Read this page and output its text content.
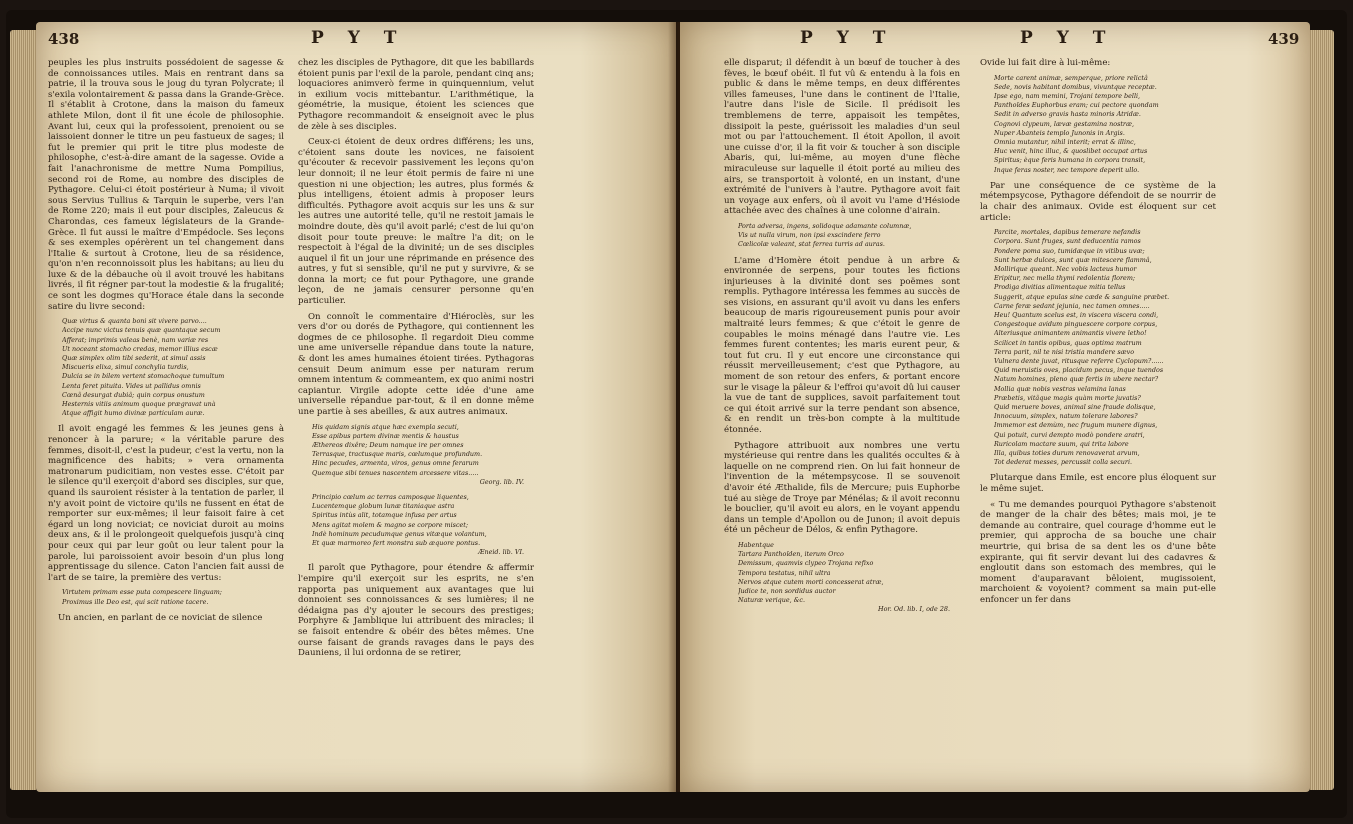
438	P Y T

peuples les plus instruits possédoient de sagesse & de connoissances utiles. Mais en rentrant dans sa patrie, il la trouva sous le joug du tyran Polycrate; il s'exila volontairement & passa dans la Grande-Grèce. Il s'établit à Crotone, dans la maison du fameux athlete Milon, dont il fit une école de philosophie. Avant lui, ceux qui la professoient, prenoient ou se laissoient donner le titre un peu fastueux de sages; il fut le premier qui prit le titre plus modeste de philosophe, c'est-à-dire amant de la sagesse. Ovide a fait l'anachronisme de mettre Numa Pompilius, second roi de Rome, au nombre des disciples de Pythagore. Celui-ci étoit postérieur à Numa; il vivoit sous Servius Tullius & Tarquin le superbe, vers l'an de Rome 220; mais il eut pour disciples, Zaleucus & Charondas, ces fameux législateurs de la Grande-Grèce. Il fut aussi le maître d'Empédocle. Ses leçons & ses exemples opérèrent un tel changement dans l'Italie & surtout à Crotone, lieu de sa résidence, qu'on n'en reconnoissoit plus les habitans; au lieu du luxe & de la débauche où il avoit trouvé les habitans livrés, il fit régner par-tout la modestie & la frugalité; ce sont les dogmes qu'Horace étale dans la seconde satire du livre second:

Quæ virtus & quanta boni sit vivere parvo....
Accipe nunc victus tenuis quæ quantaque secum
Afferat; imprimis valeas benè, nam variæ res
Ut noceant stomacho credas, memor illius escæ
Quæ simplex olim tibi sederit, at simul assis
Miscueris elixa, simul conchylia turdis,
Dulcia se in bilem vertent stomachoque tumultum
Lenta feret pituita. Vides ut pallidus omnis
Cœnâ desurgat dubiâ; quin corpus onustum
Hesternis vitiis animum quoque prægravat unà
Atque affigit humo divinæ particulam auræ.

Il avoit engagé les femmes & les jeunes gens à renoncer à la parure; « la véritable parure des femmes, disoit-il, c'est la pudeur, c'est la vertu, non la magnificence des habits; » vera ornamenta matronarum pudicitiam, non vestes esse. C'étoit par le silence qu'il exerçoit d'abord ses disciples, sur que, quand ils sauroient résister à la tentation de parler, il n'y avoit point de victoire qu'ils ne fussent en état de remporter sur eux-mêmes; il leur faisoit faire à cet égard un long noviciat; ce noviciat duroit au moins deux ans, & il le prolongeoit quelquefois jusqu'à cinq pour ceux qui par leur goût ou leur talent pour la parole, lui paroissoient avoir besoin d'un plus long apprentissage du silence. Caton l'ancien fait aussi de l'art de se taire, la première des vertus:

Virtutem primam esse puta compescere linguam;
Proximus ille Deo est, qui scit ratione tacere.

Un ancien, en parlant de ce noviciat de silence

chez les disciples de Pythagore, dit que les babillards étoient punis par l'exil de la parole, pendant cinq ans; loquaciores animverò ferme in quinquennium, velut in exilium vocis mittebantur. L'arithmétique, la géométrie, la musique, étoient les sciences que Pythagore recommandoit & enseignoit avec le plus de zèle à ses disciples.

Ceux-ci étoient de deux ordres différens; les uns, c'étoient sans doute les novices, ne faisoient qu'écouter & recevoir passivement les leçons qu'on leur donnoit; il ne leur étoit permis de faire ni une question ni une objection; les autres, plus formés & plus intelligens, étoient admis à proposer leurs difficultés. Pythagore avoit acquis sur les uns & sur les autres une autorité telle, qu'il ne restoit jamais le moindre doute, dès qu'il avoit parlé; c'est de lui qu'on disoit pour toute preuve: le maître l'a dit; on le respectoit à l'égal de la divinité; un de ses disciples auquel il fit un jour une réprimande en présence des autres, y fut si sensible, qu'il ne put y survivre, & se donna la mort; ce fut pour Pythagore, une grande leçon, de ne jamais censurer personne qu'en particulier.

On connoît le commentaire d'Hiéroclès, sur les vers d'or ou dorés de Pythagore, qui contiennent les dogmes de ce philosophe. Il regardoit Dieu comme une ame universelle répandue dans toute la nature, & dont les ames humaines étoient tirées. Pythagoras censuit Deum animum esse per naturam rerum omnem intentum & commeantem, ex quo animi nostri capiantur. Virgile adopte cette idée d'une ame universelle répandue par-tout, & il en donne même une partie à ses abeilles, & aux autres animaux.

His quidam signis atque hæc exempla secuti,
Esse apibus partem divinæ mentis & haustus
Æthereos dixêre; Deum namque ire per omnes
Terrasque, tractusque maris, cœlumque profundum.
Hinc pecudes, armenta, viros, genus omne ferarum
Quemque sibi tenues nascentem arcessere vitas.....
Georg. lib. IV.
Principio cœlum ac terras camposque liquentes,
Lucentemque globum lunæ titaniaque astra
Spiritus intùs alit, totamque infusa per artus
Mens agitat molem & magno se corpore miscet;
Indè hominum pecudumque genus vitæque volantum,
Et quæ marmoreo fert monstra sub æquore pontus.
Æneid. lib. VI.

Il paroît que Pythagore, pour étendre & affermir l'empire qu'il exerçoit sur les esprits, ne s'en rapporta pas uniquement aux avantages que lui donnoient ses connoissances & ses lumières; il ne dédaigna pas d'y ajouter le secours des prestiges; Porphyre & Jamblique lui attribuent des miracles; il se faisoit entendre & obéir des bêtes mêmes. Une ourse faisant de grands ravages dans le pays des Dauniens, il lui ordonna de se retirer,

P Y T	P Y T	439

elle disparut; il défendit à un bœuf de toucher à des fèves, le bœuf obéit. Il fut vû & entendu à la fois en public & dans le même temps, en deux différentes villes fameuses, l'une dans le continent de l'Italie, l'autre dans l'isle de Sicile. Il prédisoit les tremblemens de terre, appaisoit les tempêtes, dissipoit la peste, guérissoit les maladies d'un seul mot ou par l'attouchement. Il étoit Apollon, il avoit une cuisse d'or, il la fit voir & toucher à son disciple Abaris, qui, lui-même, au moyen d'une flèche miraculeuse sur laquelle il étoit porté au milieu des airs, se transportoit à volonté, en un instant, d'une extrémité de l'univers à l'autre. Pythagore avoit fait un voyage aux enfers, où il avoit vu l'ame d'Hésiode attachée avec des chaînes à une colonne d'airain.

Porta adversa, ingens, solidoque adamante columnæ,
Vis ut nulla virum, non ipsi exscindere ferro
Cœlicolæ valeant, stat ferrea turris ad auras.

L'ame d'Homère étoit pendue à un arbre & environnée de serpens, pour toutes les fictions injurieuses à la divinité dont ses poëmes sont remplis. Pythagore intéressa les femmes au succès de ses visions, en assurant qu'il avoit vu dans les enfers beaucoup de maris rigoureusement punis pour avoir maltraité leurs femmes; & que c'étoit le genre de coupables le moins ménagé dans l'autre vie. Les femmes furent contentes; les maris eurent peur, & tout fut cru. Il y eut encore une circonstance qui réussit merveilleusement; c'est que Pythagore, au moment de son retour des enfers, & portant encore sur le visage la pâleur & l'effroi qu'avoit dû lui causer la vue de tant de supplices, savoit parfaitement tout ce qui étoit arrivé sur la terre pendant son absence, & en rendit un très-bon compte à la multitude étonnée.

Pythagore attribuoit aux nombres une vertu mystérieuse qui rentre dans les qualités occultes & à laquelle on ne comprend rien. On lui fait honneur de l'invention de la métempsycose. Il se souvenoit d'avoir été Æthalide, fils de Mercure; puis Euphorbe tué au siège de Troye par Ménélas; & il avoit reconnu le bouclier, qu'il avoit eu alors, en le voyant appendu dans un temple d'Apollon ou de Junon; il avoit depuis été un pêcheur de Délos, & enfin Pythagore.

Habentque
Tartara Panthoïden, iterum Orco
Demissum, quamvis clypeo Trojana refixo
Tempora testatus, nihil ultra
Nervos atque cutem morti concesserat atræ,
Judice te, non sordidus auctor
Naturæ verique, &c.
Hor. Od. lib. I, ode 28.

Ovide lui fait dire à lui-même:

Morte carent animæ, semperque, priore relictâ
Sede, novis habitant domibus, vivuntque receptæ.
Ipse ego, nam memini, Trojani tempore belli,
Panthoïdes Euphorbus eram; cui pectore quondam
Sedit in adverso gravis hasta minoris Atridæ.
Cognovi clypeum, lævæ gestamina nostræ,
Nuper Abanteis templo Junonis in Argis.
Omnia mutantur, nihil interit; errat & illinc,
Huc venit, hinc illuc, & quoslibet occupat artus
Spiritus; èque feris humana in corpora transit,
Inque feras noster, nec tempore deperit ullo.

Par une conséquence de ce système de la métempsycose, Pythagore défendoit de se nourrir de la chair des animaux. Ovide est éloquent sur cet article:

Parcite, mortales, dapibus temerare nefandis
Corpora. Sunt fruges, sunt deducentia ramos
Pondere poma suo, tumidæque in vitibus uvæ;
Sunt herbæ dulces, sunt quæ mitescere flammâ,
Mollirique queant. Nec vobis lacteus humor
Eripitur, nec mella thymi redolentia florem;
Prodiga divitias alimentaque mitia tellus
Suggerit, atque epulas sine cæde & sanguine præbet.
Carne feræ sedant jejunia, nec tamen omnes.....
Heu! Quantum scelus est, in viscera viscera condi,
Congestoque avidum pinguescere corpore corpus,
Alteriusque animantem animantis vivere letho!
Scilicet in tantis opibus, quas optima matrum
Terra parit, nil te nisi tristia mandere sævo
Vulnera dente juvat, ritusque referre Cyclopum?......
Quid meruistis oves, placidum pecus, inque tuendos
Natum homines, pleno quæ fertis in ubere nectar?
Mollia quæ nobis vestras velamina lanas
Præbetis, vitâque magis quàm morte juvatis?
Quid meruere boves, animal sine fraude dolisque,
Innocuum, simplex, natum tolerare labores?
Immemor est demùm, nec frugum munere dignus,
Qui potuit, curvi dempto modò pondere aratri,
Ruricolam mactare suum, qui trita labore
Illa, quibus toties durum renovaverat arvum,
Tot dederat messes, percussit colla securi.

Plutarque dans Emile, est encore plus éloquent sur le même sujet.

« Tu me demandes pourquoi Pythagore s'abstenoit de manger de la chair des bêtes; mais moi, je te demande au contraire, quel courage d'homme eut le premier, qui approcha de sa bouche une chair meurtrie, qui brisa de sa dent les os d'une bête expirante, qui fit servir devant lui des cadavres & engloutit dans son estomach des membres, qui le moment d'auparavant bêloient, mugissoient, marchoient & voyoient? comment sa main put-elle enfoncer un fer dans
